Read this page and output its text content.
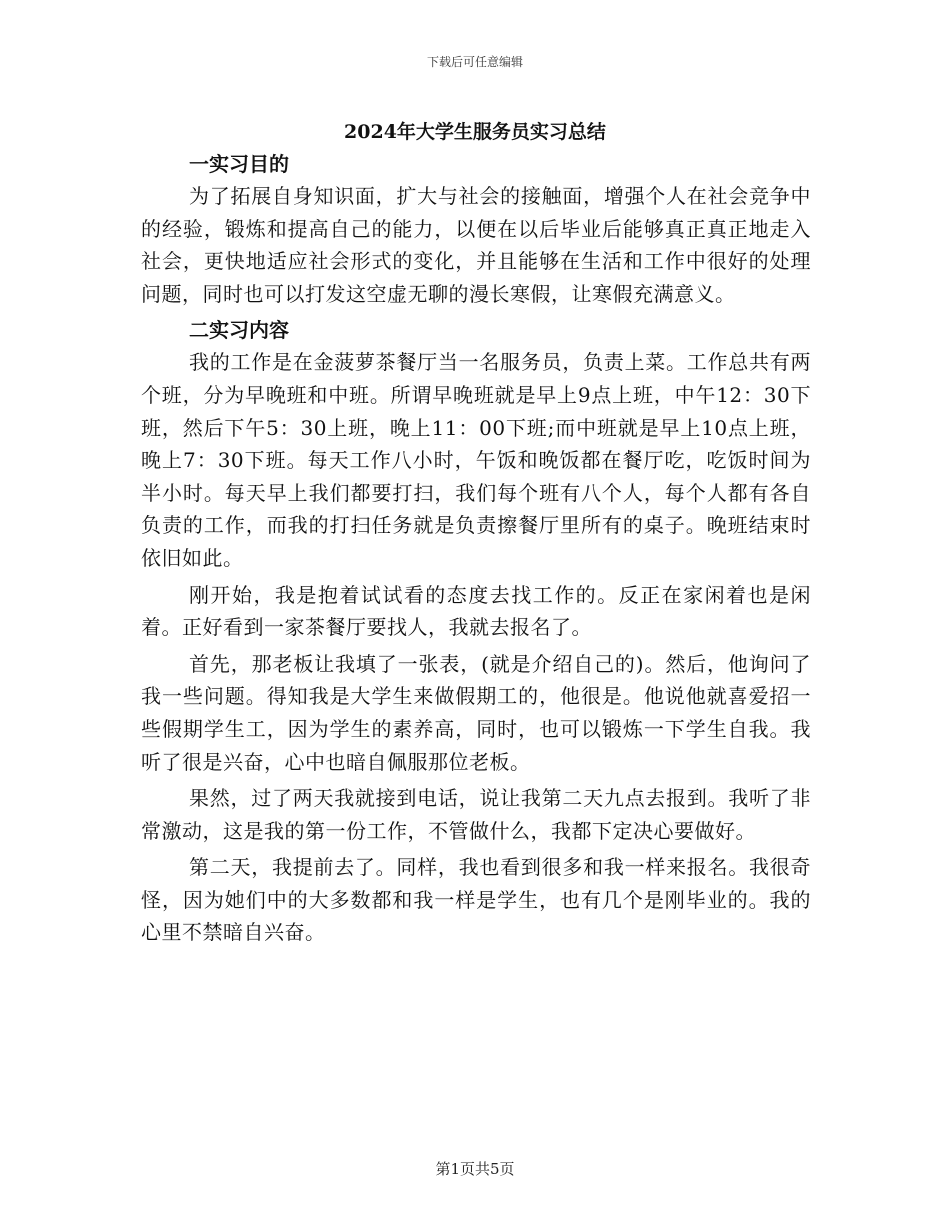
下载后可任意编辑
2024年大学生服务员实习总结
一实习目的

为了拓展自身知识面，扩大与社会的接触面，增强个人在社会竞争中的经验，锻炼和提高自己的能力，以便在以后毕业后能够真正真正地走入社会，更快地适应社会形式的变化，并且能够在生活和工作中很好的处理问题，同时也可以打发这空虚无聊的漫长寒假，让寒假充满意义。

二实习内容

我的工作是在金菠萝茶餐厅当一名服务员，负责上菜。工作总共有两个班，分为早晚班和中班。所谓早晚班就是早上9点上班，中午12：30下班，然后下午5：30上班，晚上11：00下班;而中班就是早上10点上班，晚上7：30下班。每天工作八小时，午饭和晚饭都在餐厅吃，吃饭时间为半小时。每天早上我们都要打扫，我们每个班有八个人，每个人都有各自负责的工作，而我的打扫任务就是负责擦餐厅里所有的桌子。晚班结束时依旧如此。

刚开始，我是抱着试试看的态度去找工作的。反正在家闲着也是闲着。正好看到一家茶餐厅要找人，我就去报名了。

首先，那老板让我填了一张表，(就是介绍自己的)。然后，他询问了我一些问题。得知我是大学生来做假期工的，他很是。他说他就喜爱招一些假期学生工，因为学生的素养高，同时，也可以锻炼一下学生自我。我听了很是兴奋，心中也暗自佩服那位老板。

果然，过了两天我就接到电话，说让我第二天九点去报到。我听了非常激动，这是我的第一份工作，不管做什么，我都下定决心要做好。

第二天，我提前去了。同样，我也看到很多和我一样来报名。我很奇怪，因为她们中的大多数都和我一样是学生，也有几个是刚毕业的。我的心里不禁暗自兴奋。

第1页共5页
